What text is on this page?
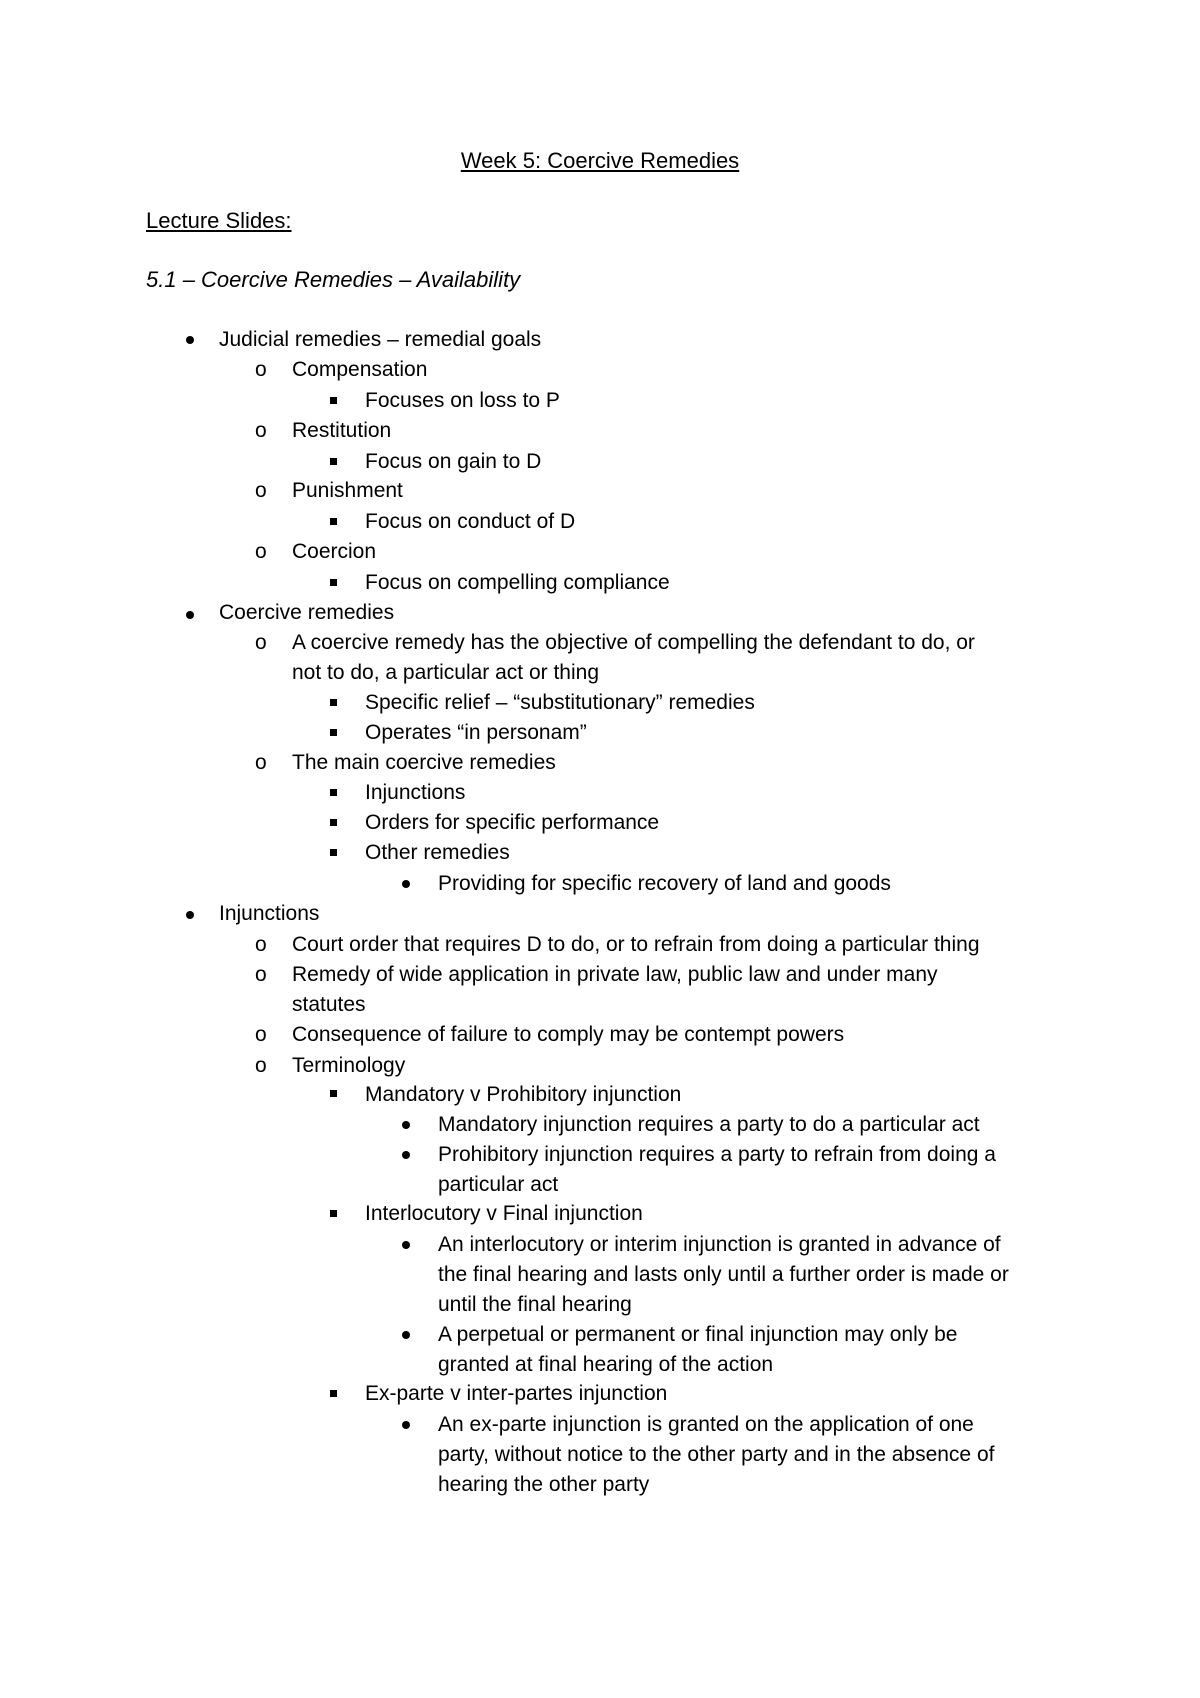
Week 5: Coercive Remedies
Lecture Slides:
5.1 – Coercive Remedies – Availability
o
o
o
o
o
o
o
o
o
o
Judicial remedies – remedial goals
Compensation
Focuses on loss to P
Restitution
Focus on gain to D
Punishment
Focus on conduct of D
Coercion
Focus on compelling compliance
Coercive remedies
A coercive remedy has the objective of compelling the defendant to do, or
not to do, a particular act or thing
Specific relief – “substitutionary” remedies
Operates “in personam”
The main coercive remedies
Injunctions
Orders for specific performance
Other remedies
Providing for specific recovery of land and goods
Injunctions
Court order that requires D to do, or to refrain from doing a particular thing
Remedy of wide application in private law, public law and under many
statutes
Consequence of failure to comply may be contempt powers
Terminology
Mandatory v Prohibitory injunction
Mandatory injunction requires a party to do a particular act
Prohibitory injunction requires a party to refrain from doing a
particular act
Interlocutory v Final injunction
An interlocutory or interim injunction is granted in advance of
the final hearing and lasts only until a further order is made or
until the final hearing
A perpetual or permanent or final injunction may only be
granted at final hearing of the action
Ex-parte v inter-partes injunction
An ex-parte injunction is granted on the application of one
party, without notice to the other party and in the absence of
hearing the other party
